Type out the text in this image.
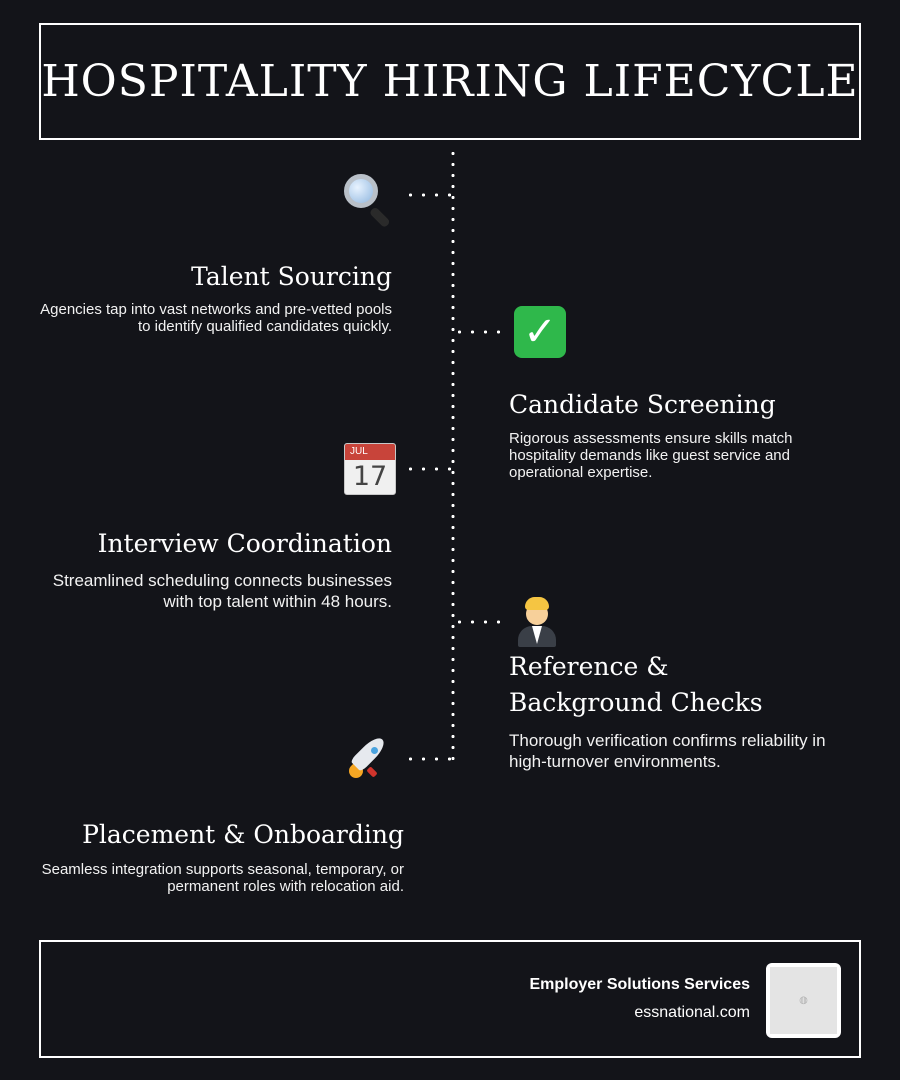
HOSPITALITY HIRING LIFECYCLE
Talent Sourcing
Agencies tap into vast networks and pre-vetted pools to identify qualified candidates quickly.	✓
Candidate Screening
Rigorous assessments ensure skills match hospitality demands like guest service and operational expertise.
JUL
17
Interview Coordination
Streamlined scheduling connects businesses with top talent within 48 hours.
Reference & Background Checks
Thorough verification confirms reliability in high-turnover environments.
Placement & Onboarding
Seamless integration supports seasonal, temporary, or permanent roles with relocation aid.
Employer Solutions Services
essnational.com
◍
